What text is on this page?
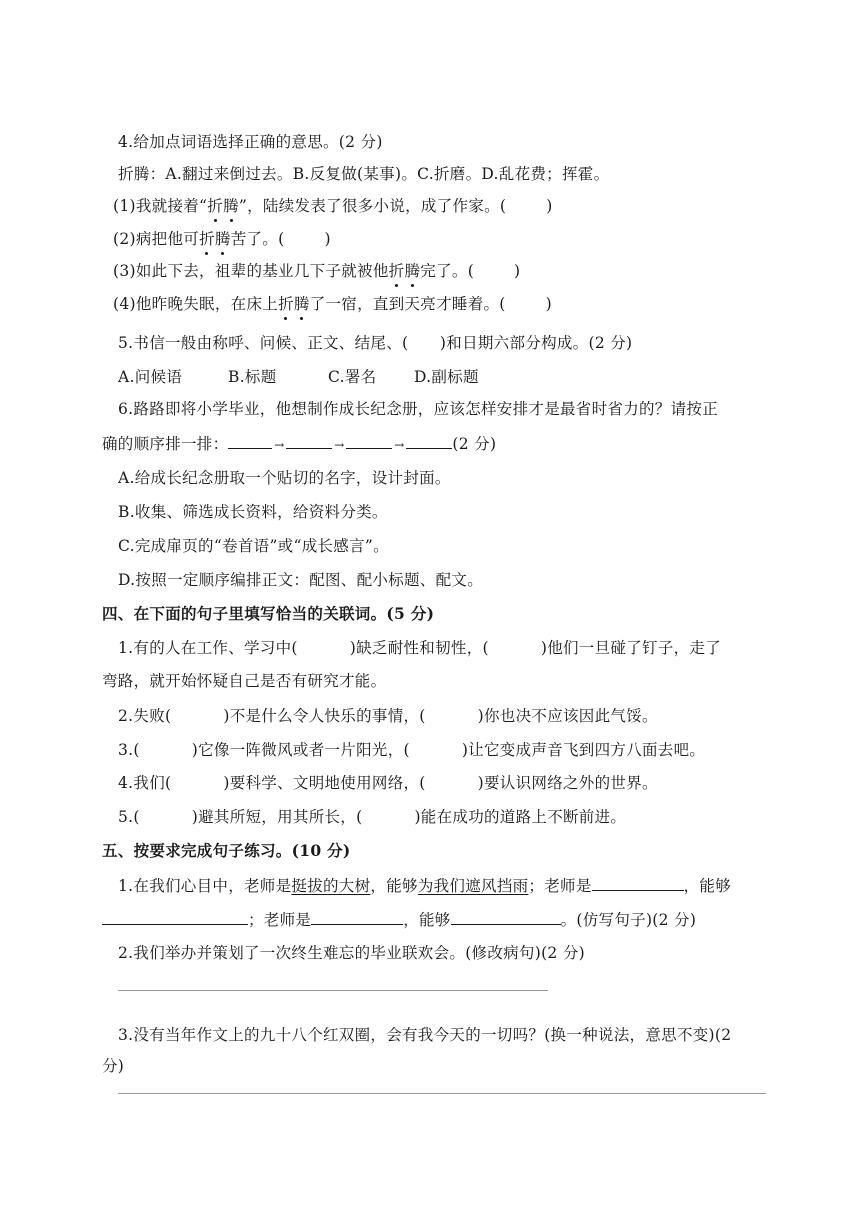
4.给加点词语选择正确的意思。(2 分)
折腾：A.翻过来倒过去。B.反复做(某事)。C.折磨。D.乱花费；挥霍。
(1)我就接着“折腾”，陆续发表了很多小说，成了作家。(	)
(2)病把他可折腾苦了。(	)
(3)如此下去，祖辈的基业几下子就被他折腾完了。(	)
(4)他昨晚失眠，在床上折腾了一宿，直到天亮才睡着。(	)
5.书信一般由称呼、问候、正文、结尾、(　　)和日期六部分构成。(2 分)
A.问候语	B.标题	C.署名 D.副标题
6.路路即将小学毕业，他想制作成长纪念册，应该怎样安排才是最省时省力的？请按正
确的顺序排一排：	→	→	→	(2 分)
A.给成长纪念册取一个贴切的名字，设计封面。
B.收集、筛选成长资料，给资料分类。
C.完成扉页的“卷首语”或“成长感言”。
D.按照一定顺序编排正文：配图、配小标题、配文。
四、在下面的句子里填写恰当的关联词。(5 分)
1.有的人在工作、学习中(	)缺乏耐性和韧性，(	)他们一旦碰了钉子，走了
弯路，就开始怀疑自己是否有研究才能。
2.失败(	)不是什么令人快乐的事情，(	)你也决不应该因此气馁。
3.(	)它像一阵微风或者一片阳光，(	)让它变成声音飞到四方八面去吧。
4.我们(	)要科学、文明地使用网络，(	)要认识网络之外的世界。
5.(	)避其所短，用其所长，(	)能在成功的道路上不断前进。
五、按要求完成句子练习。(10 分)
1.在我们心目中，老师是挺拔的大树，能够为我们遮风挡雨；老师是	，能够
；老师是	，能够	。(仿写句子)(2 分)
2.我们举办并策划了一次终生难忘的毕业联欢会。(修改病句)(2 分)
3.没有当年作文上的九十八个红双圈，会有我今天的一切吗？(换一种说法，意思不变)(2
分)
